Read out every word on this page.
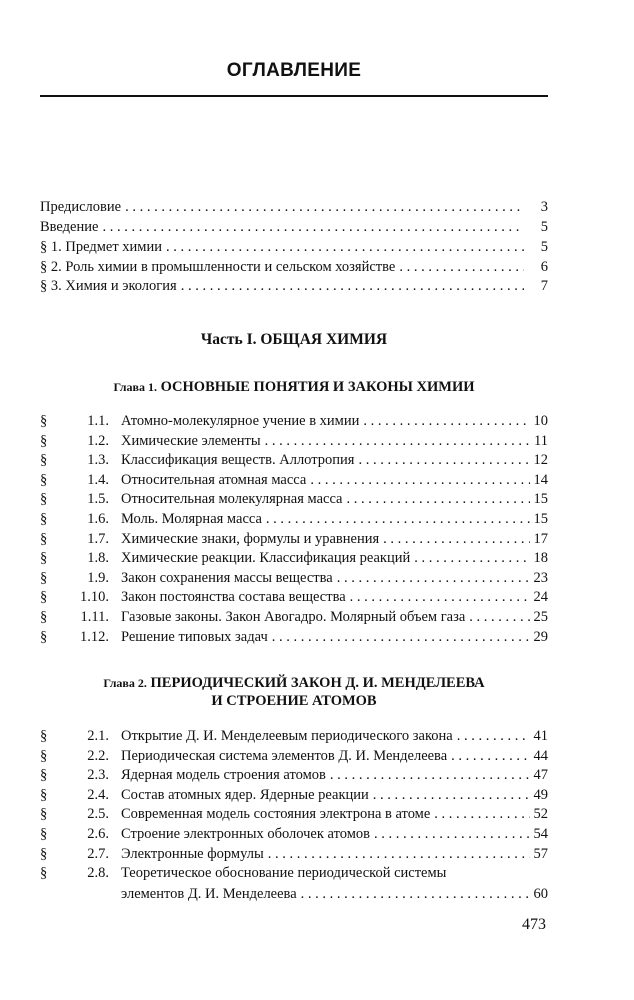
ОГЛАВЛЕНИЕ
Предисловие . . .	3
Введение . . .	5
§ 1. Предмет химии . . .	5
§ 2. Роль химии в промышленности и сельском хозяйстве . . .	6
§ 3. Химия и экология . . .	7
Часть I. ОБЩАЯ ХИМИЯ
Глава 1. ОСНОВНЫЕ ПОНЯТИЯ И ЗАКОНЫ ХИМИИ
§	1.1. Атомно-молекулярное учение в химии . . .	10
§	1.2. Химические элементы . . .	11
§	1.3. Классификация веществ. Аллотропия . . .	12
§	1.4. Относительная атомная масса . . .	14
§	1.5. Относительная молекулярная масса . . .	15
§	1.6. Моль. Молярная масса . . .	15
§	1.7. Химические знаки, формулы и уравнения . . .	17
§	1.8. Химические реакции. Классификация реакций . . .	18
§	1.9. Закон сохранения массы вещества . . .	23
§	1.10. Закон постоянства состава вещества . . .	24
§	1.11. Газовые законы. Закон Авогадро. Молярный объем газа . . .	25
§	1.12. Решение типовых задач . . .	29
Глава 2. ПЕРИОДИЧЕСКИЙ ЗАКОН Д. И. МЕНДЕЛЕЕВА
И СТРОЕНИЕ АТОМОВ
§	2.1. Открытие Д. И. Менделеевым периодического закона . . .	41
§	2.2. Периодическая система элементов Д. И. Менделеева . . .	44
§	2.3. Ядерная модель строения атомов . . .	47
§	2.4. Состав атомных ядер. Ядерные реакции . . .	49
§	2.5. Современная модель состояния электрона в атоме . . .	52
§	2.6. Строение электронных оболочек атомов . . .	54
§	2.7. Электронные формулы . . .	57
§	2.8. Теоретическое обоснование периодической системы
элементов Д. И. Менделеева . . .	60
473
